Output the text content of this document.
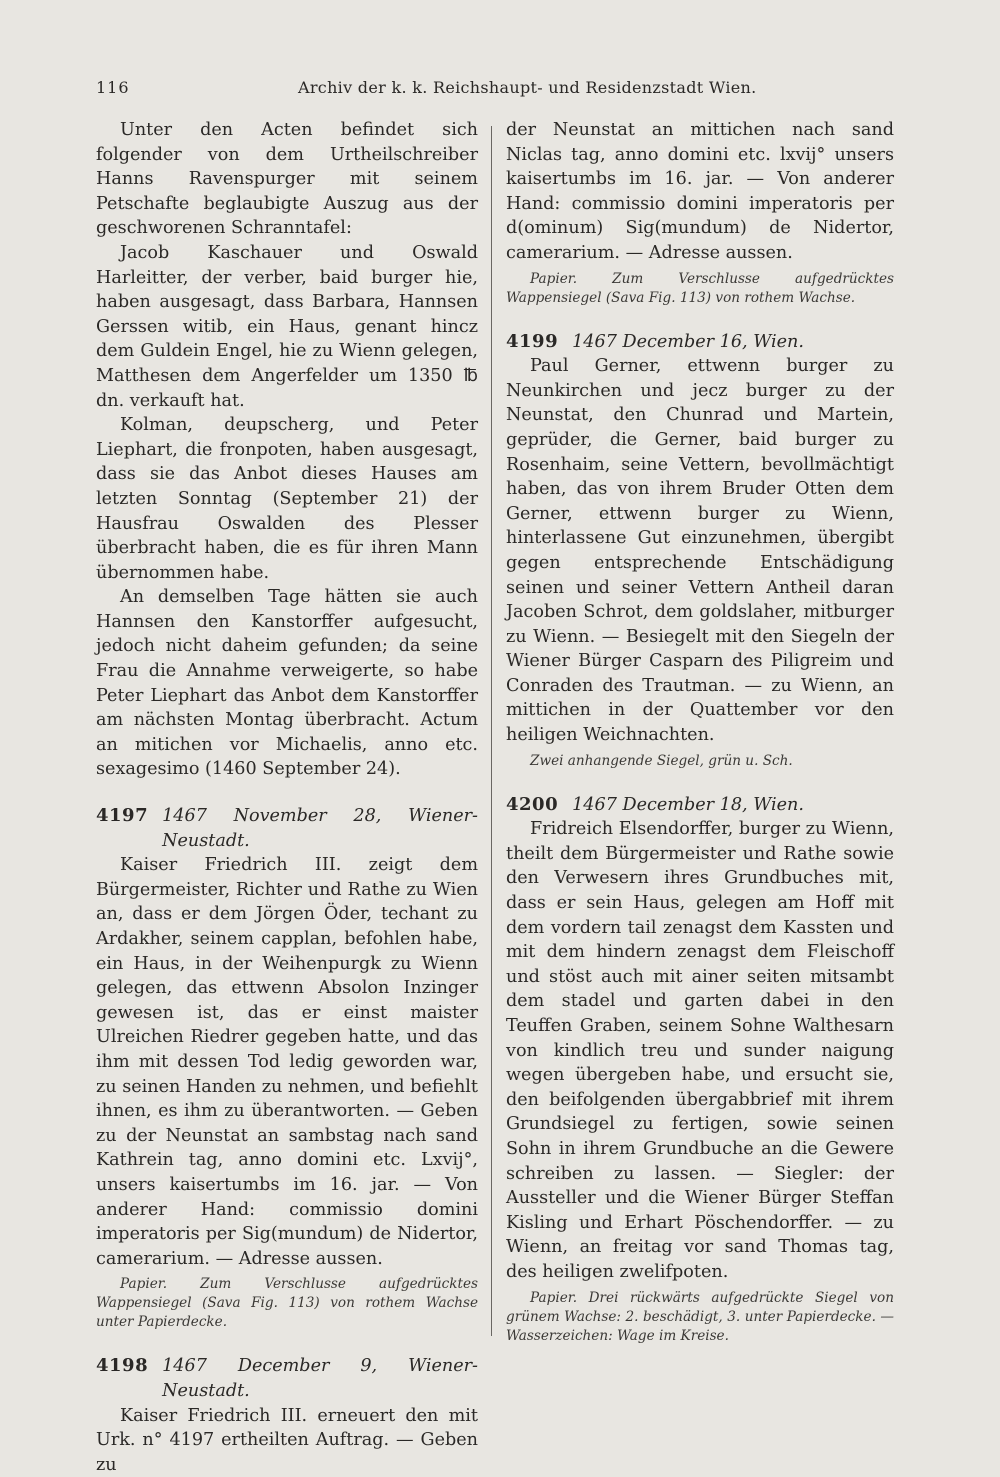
116	Archiv der k. k. Reichshaupt- und Residenzstadt Wien.

Unter den Acten befindet sich folgender von dem Urtheilschreiber Hanns Ravenspurger mit seinem Petschafte beglaubigte Auszug aus der geschworenen Schranntafel:

Jacob Kaschauer und Oswald Harleitter, der verber, baid burger hie, haben ausgesagt, dass Barbara, Hannsen Gerssen witib, ein Haus, genant hincz dem Guldein Engel, hie zu Wienn gelegen, Matthesen dem Angerfelder um 1350 ℔ dn. verkauft hat.

Kolman, deupscherg, und Peter Liephart, die fronpoten, haben ausgesagt, dass sie das Anbot dieses Hauses am letzten Sonntag (September 21) der Hausfrau Oswalden des Plesser überbracht haben, die es für ihren Mann übernommen habe.

An demselben Tage hätten sie auch Hannsen den Kanstorffer aufgesucht, jedoch nicht daheim gefunden; da seine Frau die Annahme verweigerte, so habe Peter Liephart das Anbot dem Kanstorffer am nächsten Montag überbracht. Actum an mitichen vor Michaelis, anno etc. sexagesimo (1460 September 24).

4197 1467 November 28, Wiener-Neustadt.

Kaiser Friedrich III. zeigt dem Bürgermeister, Richter und Rathe zu Wien an, dass er dem Jörgen Öder, techant zu Ardakher, seinem capplan, befohlen habe, ein Haus, in der Weihenpurgk zu Wienn gelegen, das ettwenn Absolon Inzinger gewesen ist, das er einst maister Ulreichen Riedrer gegeben hatte, und das ihm mit dessen Tod ledig geworden war, zu seinen Handen zu nehmen, und befiehlt ihnen, es ihm zu überantworten. — Geben zu der Neunstat an sambstag nach sand Kathrein tag, anno domini etc. Lxvij°, unsers kaisertumbs im 16. jar. — Von anderer Hand: commissio domini imperatoris per Sig(mundum) de Nidertor, camerarium. — Adresse aussen.

Papier. Zum Verschlusse aufgedrücktes Wappensiegel (Sava Fig. 113) von rothem Wachse unter Papierdecke.

4198 1467 December 9, Wiener-Neustadt.

Kaiser Friedrich III. erneuert den mit Urk. n° 4197 ertheilten Auftrag. — Geben zu

der Neunstat an mittichen nach sand Niclas tag, anno domini etc. lxvij° unsers kaisertumbs im 16. jar. — Von anderer Hand: commissio domini imperatoris per d(ominum) Sig(mundum) de Nidertor, camerarium. — Adresse aussen.

Papier. Zum Verschlusse aufgedrücktes Wappensiegel (Sava Fig. 113) von rothem Wachse.

4199 1467 December 16, Wien.

Paul Gerner, ettwenn burger zu Neunkirchen und jecz burger zu der Neunstat, den Chunrad und Martein, geprüder, die Gerner, baid burger zu Rosenhaim, seine Vettern, bevollmächtigt haben, das von ihrem Bruder Otten dem Gerner, ettwenn burger zu Wienn, hinterlassene Gut einzunehmen, übergibt gegen entsprechende Entschädigung seinen und seiner Vettern Antheil daran Jacoben Schrot, dem goldslaher, mitburger zu Wienn. — Besiegelt mit den Siegeln der Wiener Bürger Casparn des Piligreim und Conraden des Trautman. — zu Wienn, an mittichen in der Quattember vor den heiligen Weichnachten.

Zwei anhangende Siegel, grün u. Sch.

4200 1467 December 18, Wien.

Fridreich Elsendorffer, burger zu Wienn, theilt dem Bürgermeister und Rathe sowie den Verwesern ihres Grundbuches mit, dass er sein Haus, gelegen am Hoff mit dem vordern tail zenagst dem Kassten und mit dem hindern zenagst dem Fleischoff und stöst auch mit ainer seiten mitsambt dem stadel und garten dabei in den Teuffen Graben, seinem Sohne Walthesarn von kindlich treu und sunder naigung wegen übergeben habe, und ersucht sie, den beifolgenden übergabbrief mit ihrem Grundsiegel zu fertigen, sowie seinen Sohn in ihrem Grundbuche an die Gewere schreiben zu lassen. — Siegler: der Aussteller und die Wiener Bürger Steffan Kisling und Erhart Pöschendorffer. — zu Wienn, an freitag vor sand Thomas tag, des heiligen zwelifpoten.

Papier. Drei rückwärts aufgedrückte Siegel von grünem Wachse: 2. beschädigt, 3. unter Papierdecke. — Wasserzeichen: Wage im Kreise.
